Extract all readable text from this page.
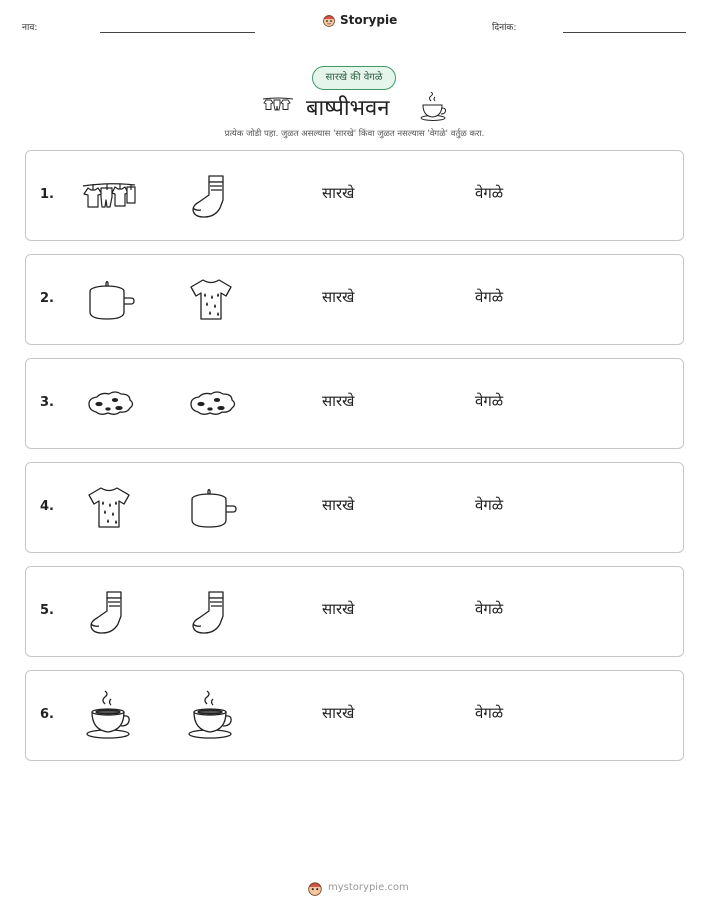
नाव:
Storypie
दिनांक:
सारखे की वेगळे
बाष्पीभवन
प्रत्येक जोडी पहा. जुळत असल्यास 'सारखे' किंवा जुळत नसल्यास 'वेगळे' वर्तुळ करा.
1.	सारखे	वेगळे
2.	सारखे	वेगळे
3.	सारखे	वेगळे
4.	सारखे	वेगळे
5.	सारखे	वेगळे
6.	सारखे	वेगळे
mystorypie.com
